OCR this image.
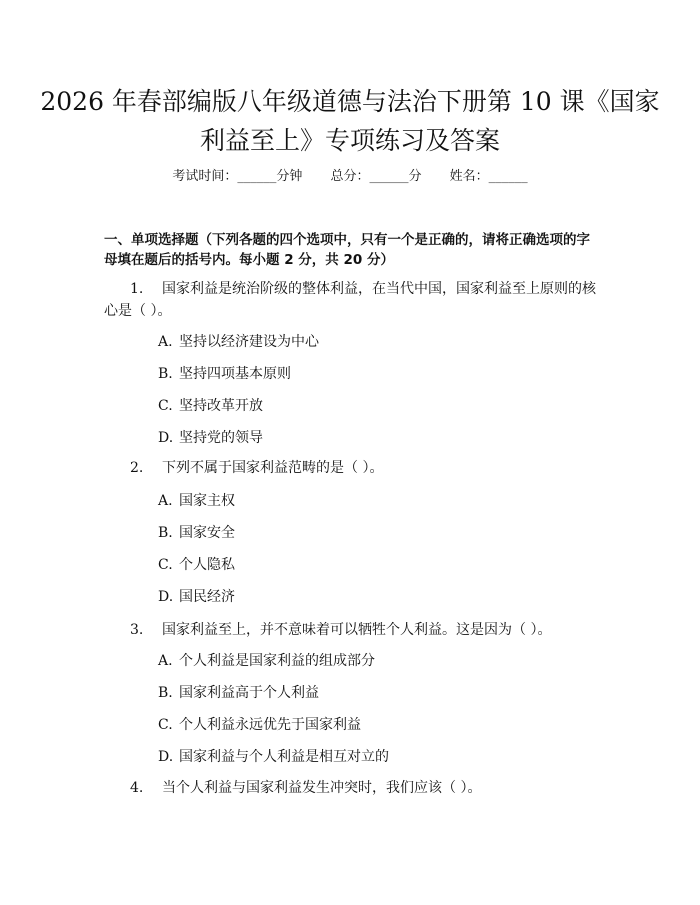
2026 年春部编版八年级道德与法治下册第 10 课《国家利益至上》专项练习及答案
考试时间：______分钟 总分：______分 姓名：______

一、单项选择题（下列各题的四个选项中，只有一个是正确的，请将正确选项的字母填在题后的括号内。每小题 2 分，共 20 分）

1. 国家利益是统治阶级的整体利益，在当代中国，国家利益至上原则的核心是（ ）。

A. 坚持以经济建设为中心
B. 坚持四项基本原则
C. 坚持改革开放
D. 坚持党的领导

2. 下列不属于国家利益范畴的是（ ）。

A. 国家主权
B. 国家安全
C. 个人隐私
D. 国民经济

3. 国家利益至上，并不意味着可以牺牲个人利益。这是因为（ ）。

A. 个人利益是国家利益的组成部分
B. 国家利益高于个人利益
C. 个人利益永远优先于国家利益
D. 国家利益与个人利益是相互对立的

4. 当个人利益与国家利益发生冲突时，我们应该（ ）。
